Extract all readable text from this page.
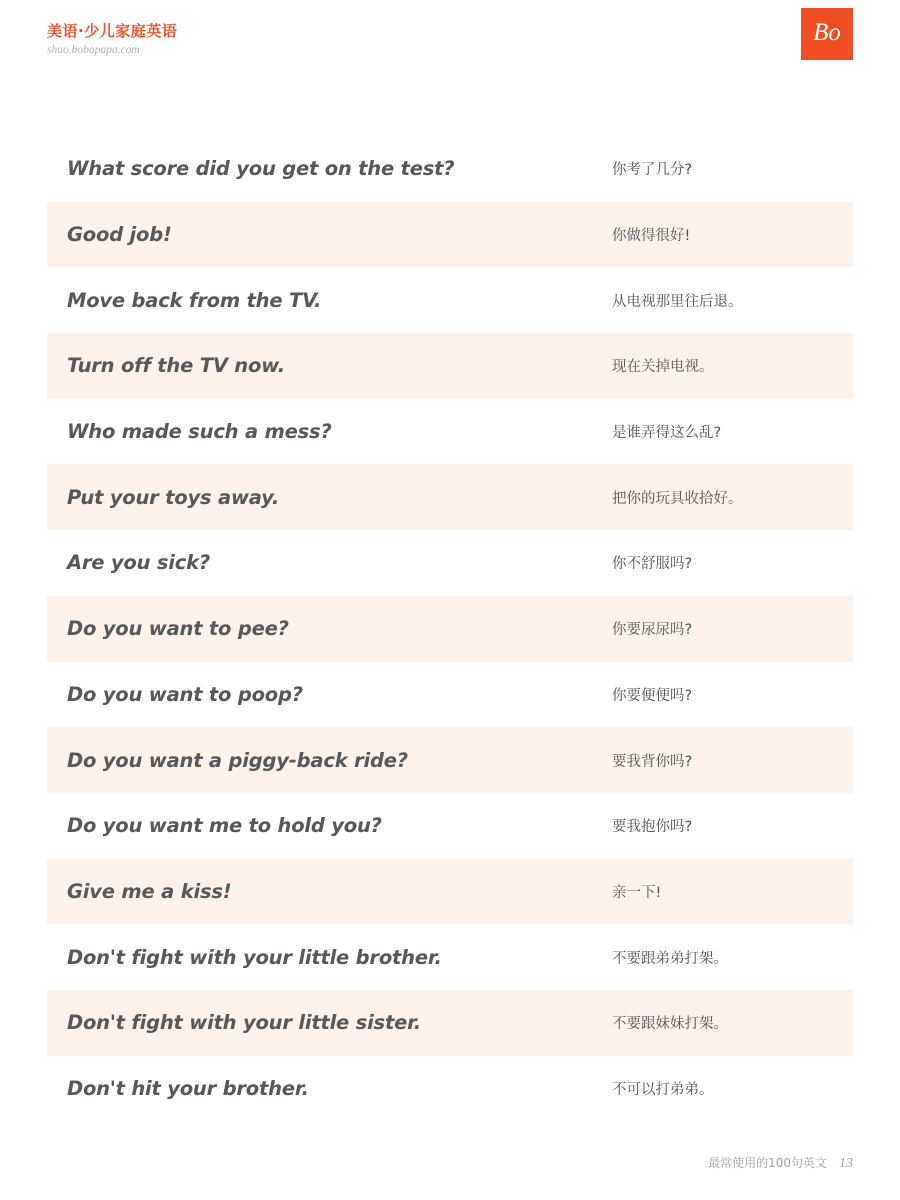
美语·少儿家庭英语
shuo.bobopapa.com
Bo
What score did you get on the test?	你考了几分?
Good job!	你做得很好!
Move back from the TV.	从电视那里往后退。
Turn off the TV now.	现在关掉电视。
Who made such a mess?	是谁弄得这么乱?
Put your toys away.	把你的玩具收拾好。
Are you sick?	你不舒服吗?
Do you want to pee?	你要尿尿吗?
Do you want to poop?	你要便便吗?
Do you want a piggy-back ride?	要我背你吗?
Do you want me to hold you?	要我抱你吗?
Give me a kiss!	亲一下!
Don't fight with your little brother.	不要跟弟弟打架。
Don't fight with your little sister.	不要跟妹妹打架。
Don't hit your brother.	不可以打弟弟。
最常使用的100句英文 13
